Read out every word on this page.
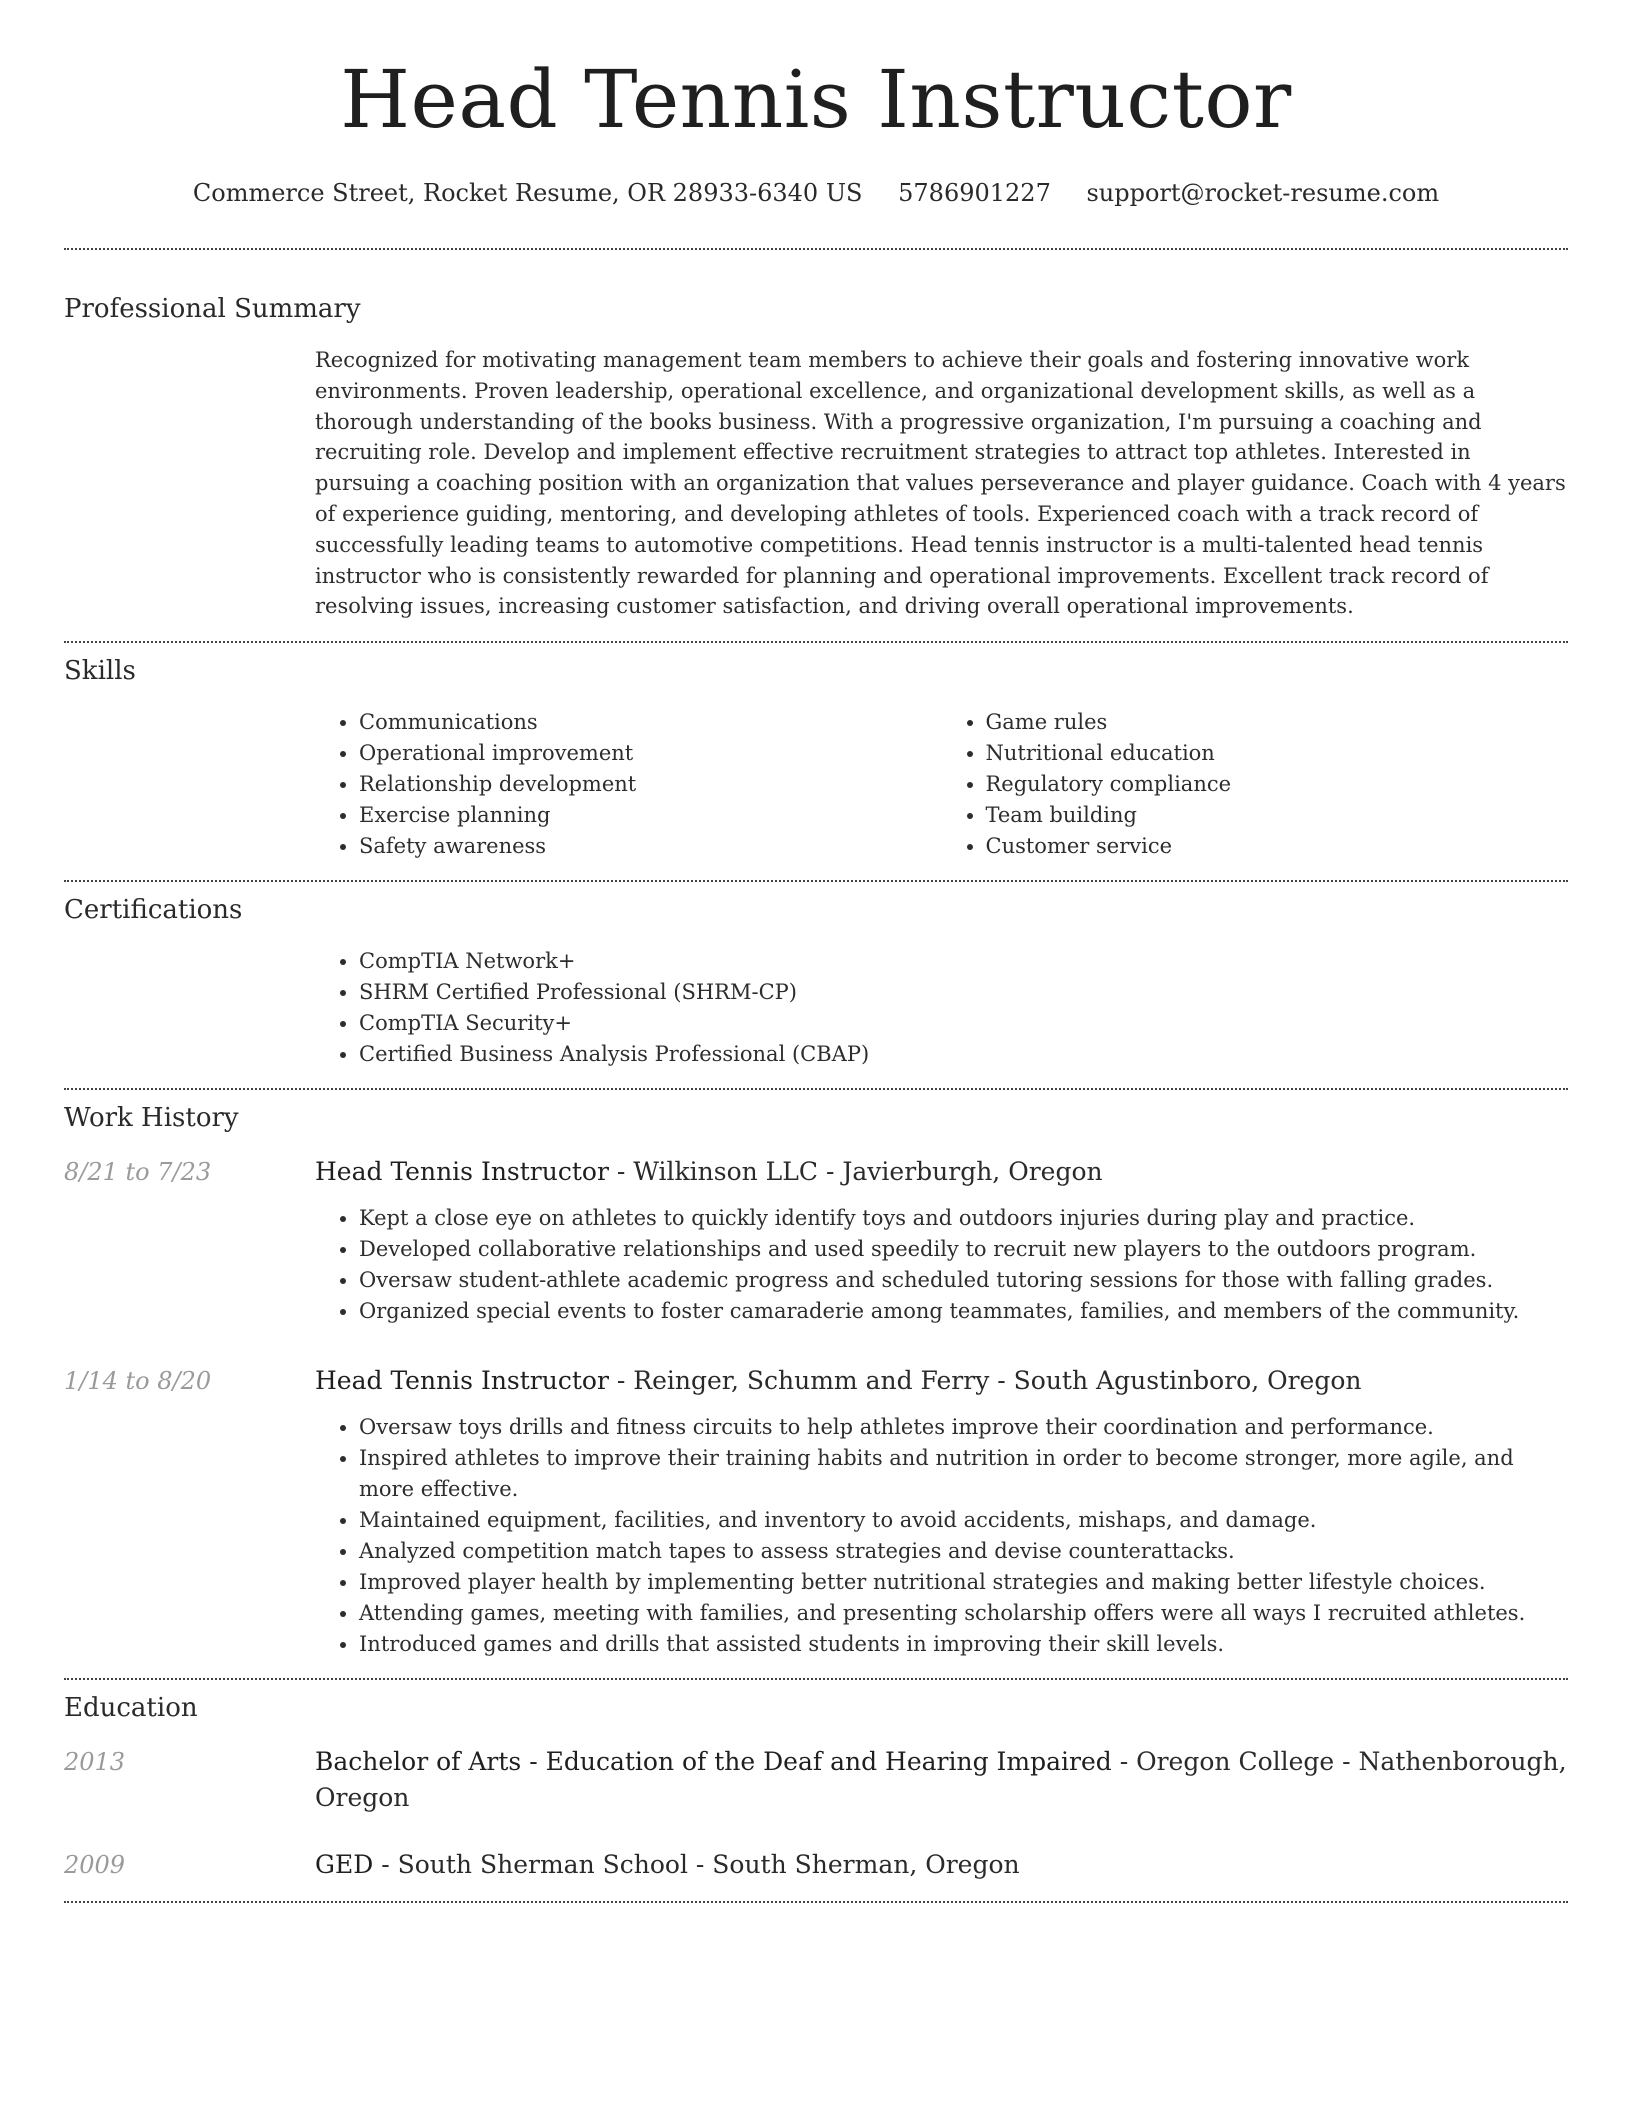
Head Tennis Instructor
Commerce Street, Rocket Resume, OR 28933-6340 US 5786901227 support@rocket-resume.com
Professional Summary
Recognized for motivating management team members to achieve their goals and fostering innovative work environments. Proven leadership, operational excellence, and organizational development skills, as well as a thorough understanding of the books business. With a progressive organization, I'm pursuing a coaching and recruiting role. Develop and implement effective recruitment strategies to attract top athletes. Interested in pursuing a coaching position with an organization that values perseverance and player guidance. Coach with 4 years of experience guiding, mentoring, and developing athletes of tools. Experienced coach with a track record of successfully leading teams to automotive competitions. Head tennis instructor is a multi-talented head tennis instructor who is consistently rewarded for planning and operational improvements. Excellent track record of resolving issues, increasing customer satisfaction, and driving overall operational improvements.
Skills
• Communications
• Operational improvement
• Relationship development
• Exercise planning
• Safety awareness
• Game rules
• Nutritional education
• Regulatory compliance
• Team building
• Customer service
Certifications
• CompTIA Network+
• SHRM Certified Professional (SHRM-CP)
• CompTIA Security+
• Certified Business Analysis Professional (CBAP)
Work History
8/21 to 7/23	Head Tennis Instructor - Wilkinson LLC - Javierburgh, Oregon
• Kept a close eye on athletes to quickly identify toys and outdoors injuries during play and practice.
• Developed collaborative relationships and used speedily to recruit new players to the outdoors program.
• Oversaw student-athlete academic progress and scheduled tutoring sessions for those with falling grades.
• Organized special events to foster camaraderie among teammates, families, and members of the community.
1/14 to 8/20	Head Tennis Instructor - Reinger, Schumm and Ferry - South Agustinboro, Oregon
• Oversaw toys drills and fitness circuits to help athletes improve their coordination and performance.
• Inspired athletes to improve their training habits and nutrition in order to become stronger, more agile, and more effective.
• Maintained equipment, facilities, and inventory to avoid accidents, mishaps, and damage.
• Analyzed competition match tapes to assess strategies and devise counterattacks.
• Improved player health by implementing better nutritional strategies and making better lifestyle choices.
• Attending games, meeting with families, and presenting scholarship offers were all ways I recruited athletes.
• Introduced games and drills that assisted students in improving their skill levels.
Education
2013	Bachelor of Arts - Education of the Deaf and Hearing Impaired - Oregon College - Nathenborough, Oregon
2009	GED - South Sherman School - South Sherman, Oregon
